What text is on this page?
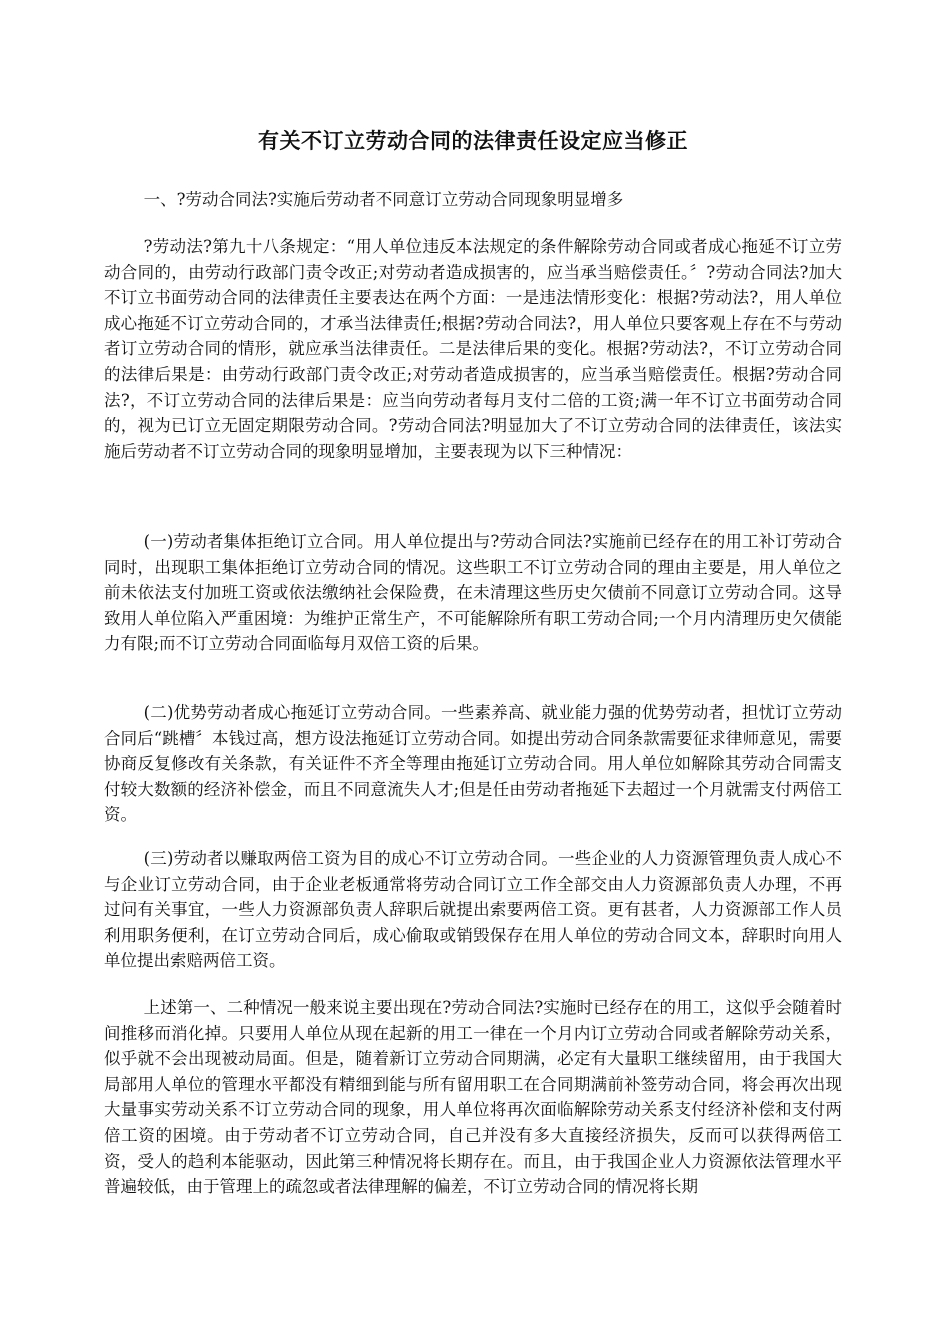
有关不订立劳动合同的法律责任设定应当修正

一、?劳动合同法?实施后劳动者不同意订立劳动合同现象明显增多

?劳动法?第九十八条规定：“用人单位违反本法规定的条件解除劳动合同或者成心拖延不订立劳动合同的，由劳动行政部门责令改正;对劳动者造成损害的，应当承当赔偿责任。〞?劳动合同法?加大不订立书面劳动合同的法律责任主要表达在两个方面：一是违法情形变化：根据?劳动法?，用人单位成心拖延不订立劳动合同的，才承当法律责任;根据?劳动合同法?，用人单位只要客观上存在不与劳动者订立劳动合同的情形，就应承当法律责任。二是法律后果的变化。根据?劳动法?，不订立劳动合同的法律后果是：由劳动行政部门责令改正;对劳动者造成损害的，应当承当赔偿责任。根据?劳动合同法?，不订立劳动合同的法律后果是：应当向劳动者每月支付二倍的工资;满一年不订立书面劳动合同的，视为已订立无固定期限劳动合同。?劳动合同法?明显加大了不订立劳动合同的法律责任，该法实施后劳动者不订立劳动合同的现象明显增加，主要表现为以下三种情况：

(一)劳动者集体拒绝订立合同。用人单位提出与?劳动合同法?实施前已经存在的用工补订劳动合同时，出现职工集体拒绝订立劳动合同的情况。这些职工不订立劳动合同的理由主要是，用人单位之前未依法支付加班工资或依法缴纳社会保险费，在未清理这些历史欠债前不同意订立劳动合同。这导致用人单位陷入严重困境：为维护正常生产，不可能解除所有职工劳动合同;一个月内清理历史欠债能力有限;而不订立劳动合同面临每月双倍工资的后果。

(二)优势劳动者成心拖延订立劳动合同。一些素养高、就业能力强的优势劳动者，担忧订立劳动合同后“跳槽〞本钱过高，想方设法拖延订立劳动合同。如提出劳动合同条款需要征求律师意见，需要协商反复修改有关条款，有关证件不齐全等理由拖延订立劳动合同。用人单位如解除其劳动合同需支付较大数额的经济补偿金，而且不同意流失人才;但是任由劳动者拖延下去超过一个月就需支付两倍工资。

(三)劳动者以赚取两倍工资为目的成心不订立劳动合同。一些企业的人力资源管理负责人成心不与企业订立劳动合同，由于企业老板通常将劳动合同订立工作全部交由人力资源部负责人办理，不再过问有关事宜，一些人力资源部负责人辞职后就提出索要两倍工资。更有甚者，人力资源部工作人员利用职务便利，在订立劳动合同后，成心偷取或销毁保存在用人单位的劳动合同文本，辞职时向用人单位提出索赔两倍工资。

上述第一、二种情况一般来说主要出现在?劳动合同法?实施时已经存在的用工，这似乎会随着时间推移而消化掉。只要用人单位从现在起新的用工一律在一个月内订立劳动合同或者解除劳动关系，似乎就不会出现被动局面。但是，随着新订立劳动合同期满，必定有大量职工继续留用，由于我国大局部用人单位的管理水平都没有精细到能与所有留用职工在合同期满前补签劳动合同，将会再次出现大量事实劳动关系不订立劳动合同的现象，用人单位将再次面临解除劳动关系支付经济补偿和支付两倍工资的困境。由于劳动者不订立劳动合同，自己并没有多大直接经济损失，反而可以获得两倍工资，受人的趋利本能驱动，因此第三种情况将长期存在。而且，由于我国企业人力资源依法管理水平普遍较低，由于管理上的疏忽或者法律理解的偏差，不订立劳动合同的情况将长期
